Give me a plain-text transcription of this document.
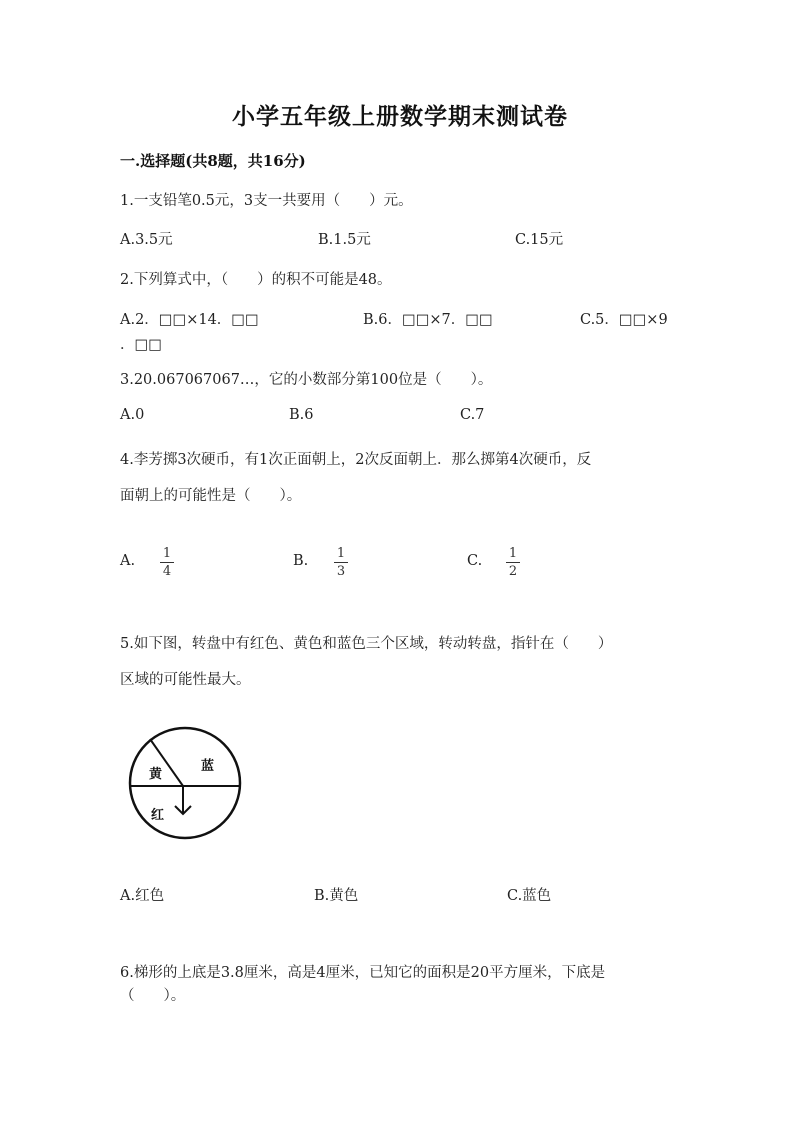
小学五年级上册数学期末测试卷
一.选择题(共8题，共16分)
1.一支铅笔0.5元，3支一共要用（　　）元。
A.3.5元	B.1.5元	C.15元
2.下列算式中，（　　）的积不可能是48。
A.2．□□×14．□□	B.6．□□×7．□□	C.5．□□×9
．□□
3.20.067067067…，它的小数部分第100位是（　　）。
A.0	B.6	C.7
4.李芳掷3次硬币，有1次正面朝上，2次反面朝上．那么掷第4次硬币，反
面朝上的可能性是（　　）。
A. 1
4
B. 1
3
C. 1
2
5.如下图，转盘中有红色、黄色和蓝色三个区域，转动转盘，指针在（　　）
区域的可能性最大。
黄
蓝
红
A.红色	B.黄色	C.蓝色
6.梯形的上底是3.8厘米，高是4厘米，已知它的面积是20平方厘米，下底是
（　　）。
